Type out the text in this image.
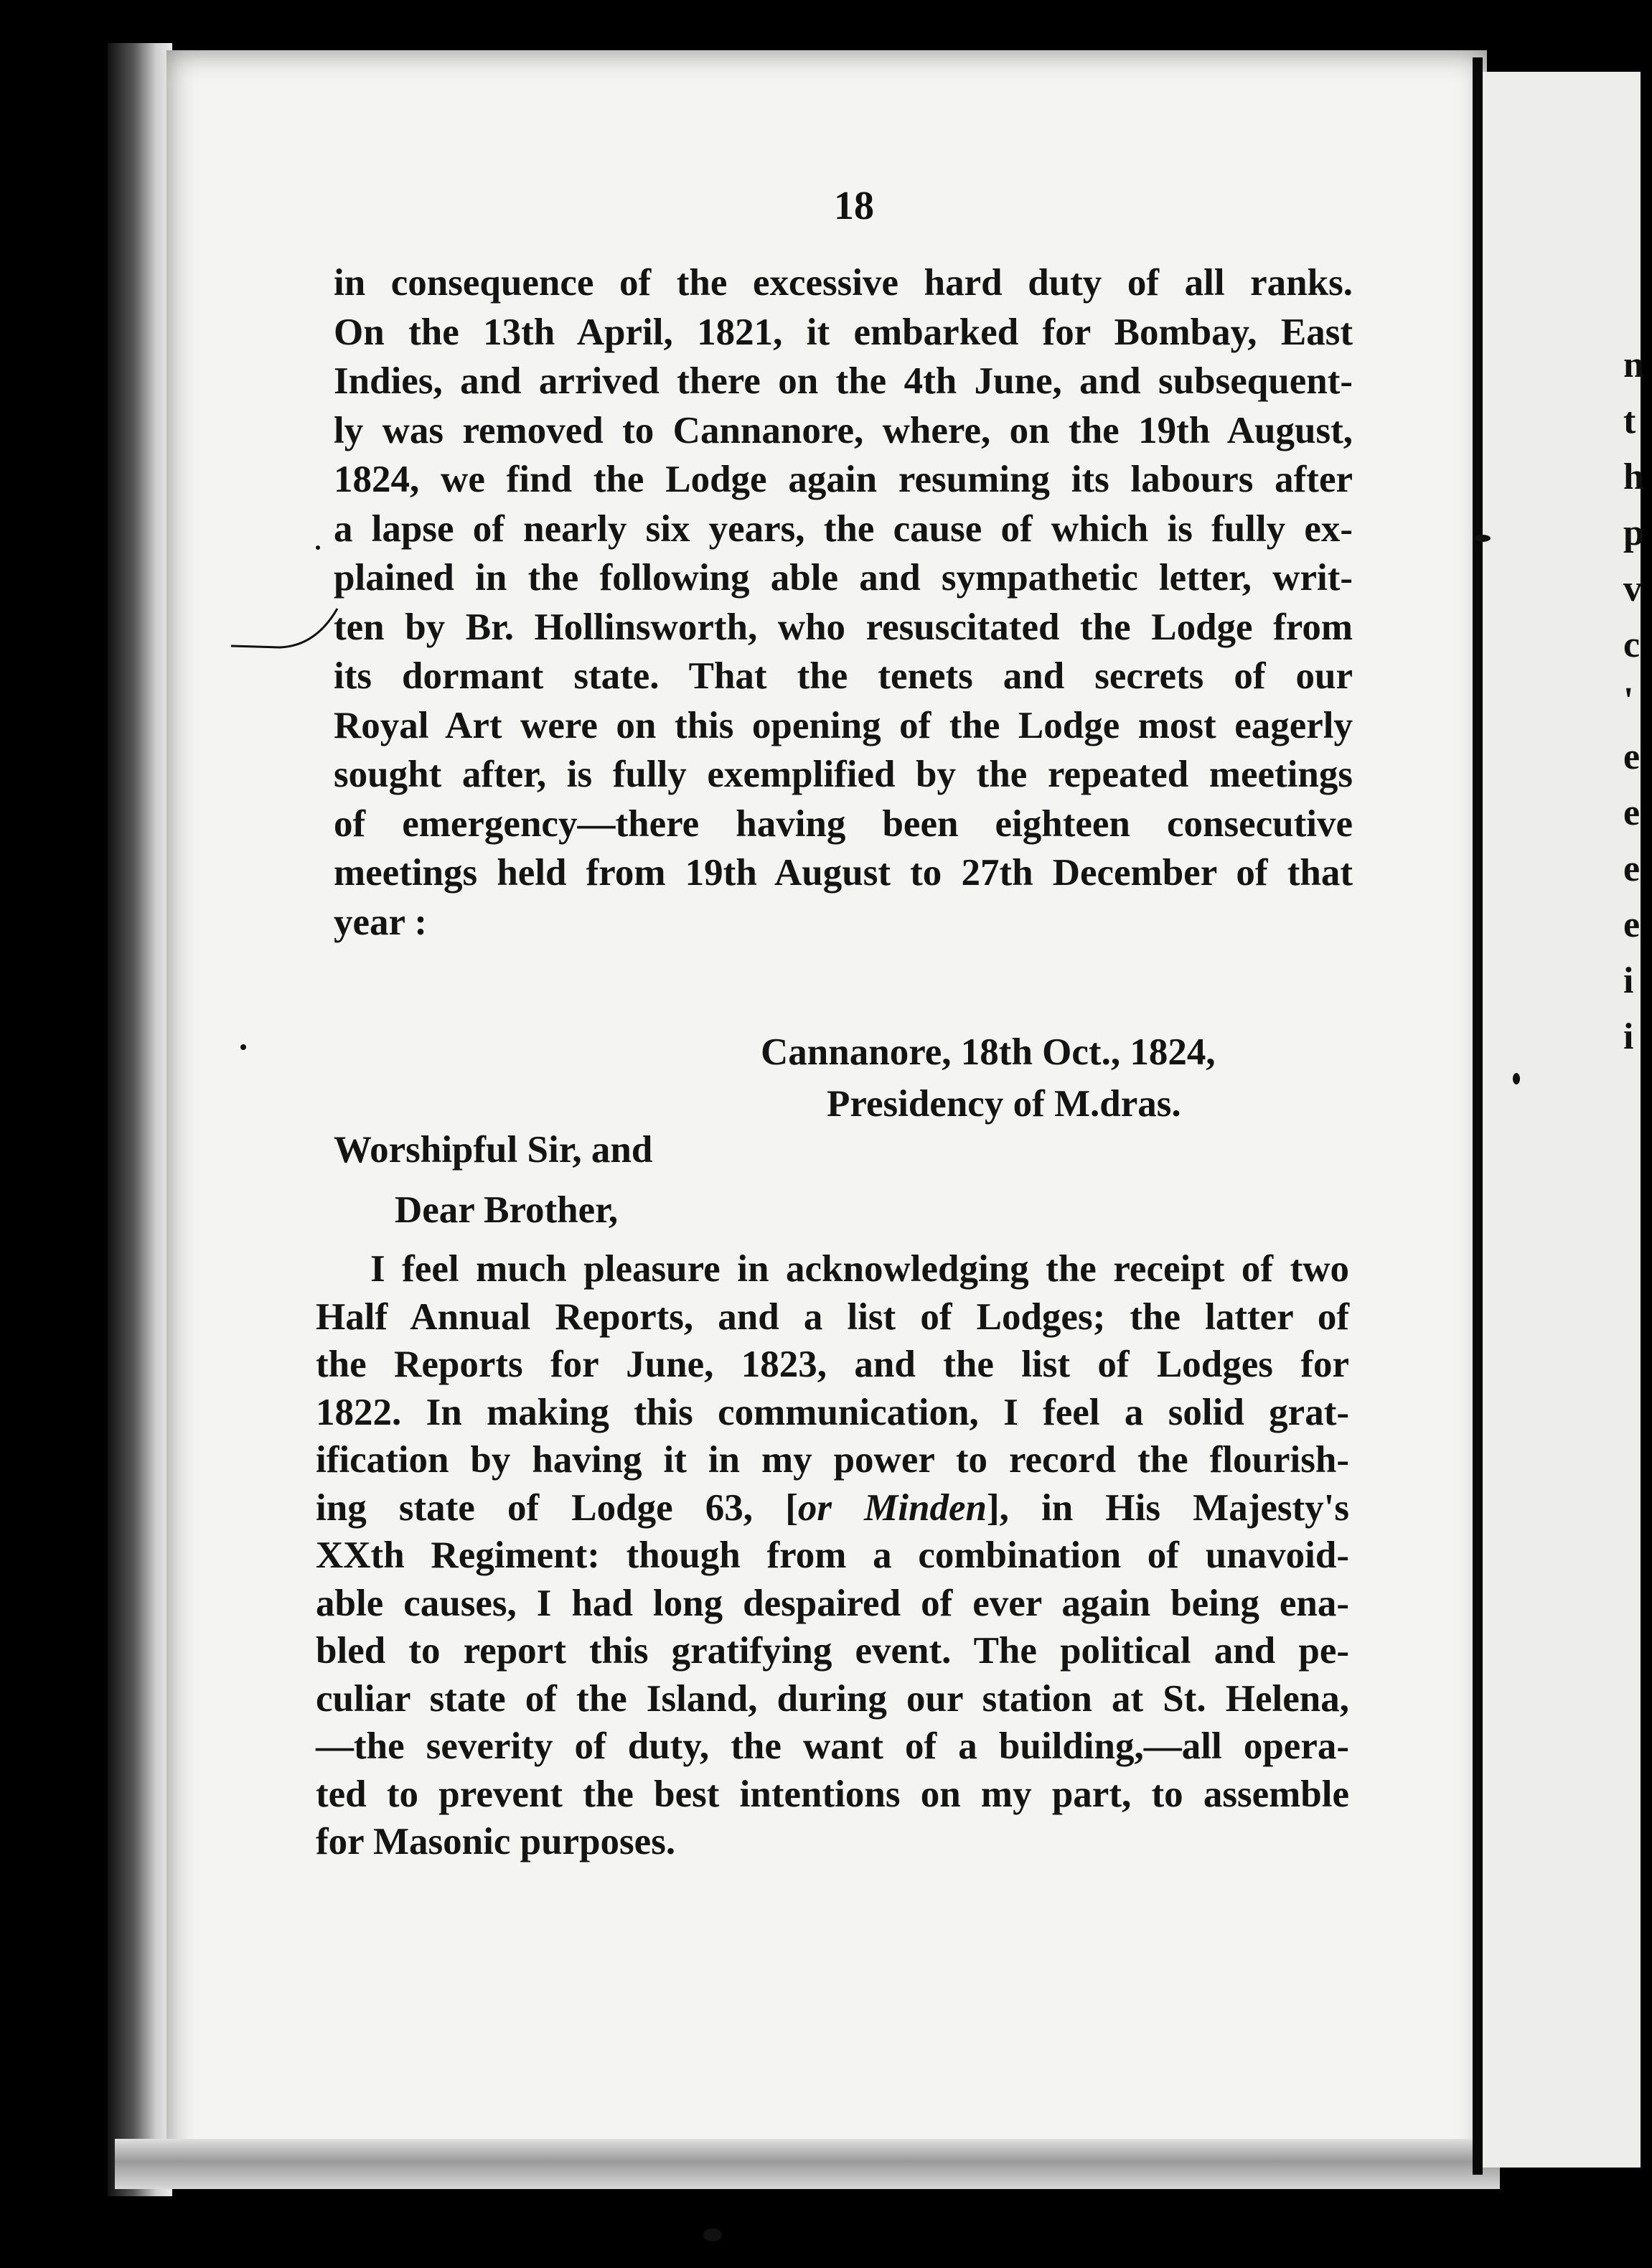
n
t
h
p
v
c
'
e
e
e
e
i
i
18
in consequence of the excessive hard duty of all ranks.
On the 13th April, 1821, it embarked for Bombay, East
Indies, and arrived there on the 4th June, and subsequent-
ly was removed to Cannanore, where, on the 19th August,
1824, we find the Lodge again resuming its labours after
a lapse of nearly six years, the cause of which is fully ex-
plained in the following able and sympathetic letter, writ-
ten by Br. Hollinsworth, who resuscitated the Lodge from
its dormant state. That the tenets and secrets of our
Royal Art were on this opening of the Lodge most eagerly
sought after, is fully exemplified by the repeated meetings
of emergency—there having been eighteen consecutive
meetings held from 19th August to 27th December of that
year :
Cannanore, 18th Oct., 1824,
Presidency of M.dras.
Worshipful Sir, and
Dear Brother,
I feel much pleasure in acknowledging the receipt of two
Half Annual Reports, and a list of Lodges; the latter of
the Reports for June, 1823, and the list of Lodges for
1822. In making this communication, I feel a solid grat-
ification by having it in my power to record the flourish-
ing state of Lodge 63, [or Minden], in His Majesty's
XXth Regiment: though from a combination of unavoid-
able causes, I had long despaired of ever again being ena-
bled to report this gratifying event. The political and pe-
culiar state of the Island, during our station at St. Helena,
—the severity of duty, the want of a building,—all opera-
ted to prevent the best intentions on my part, to assemble
for Masonic purposes.
